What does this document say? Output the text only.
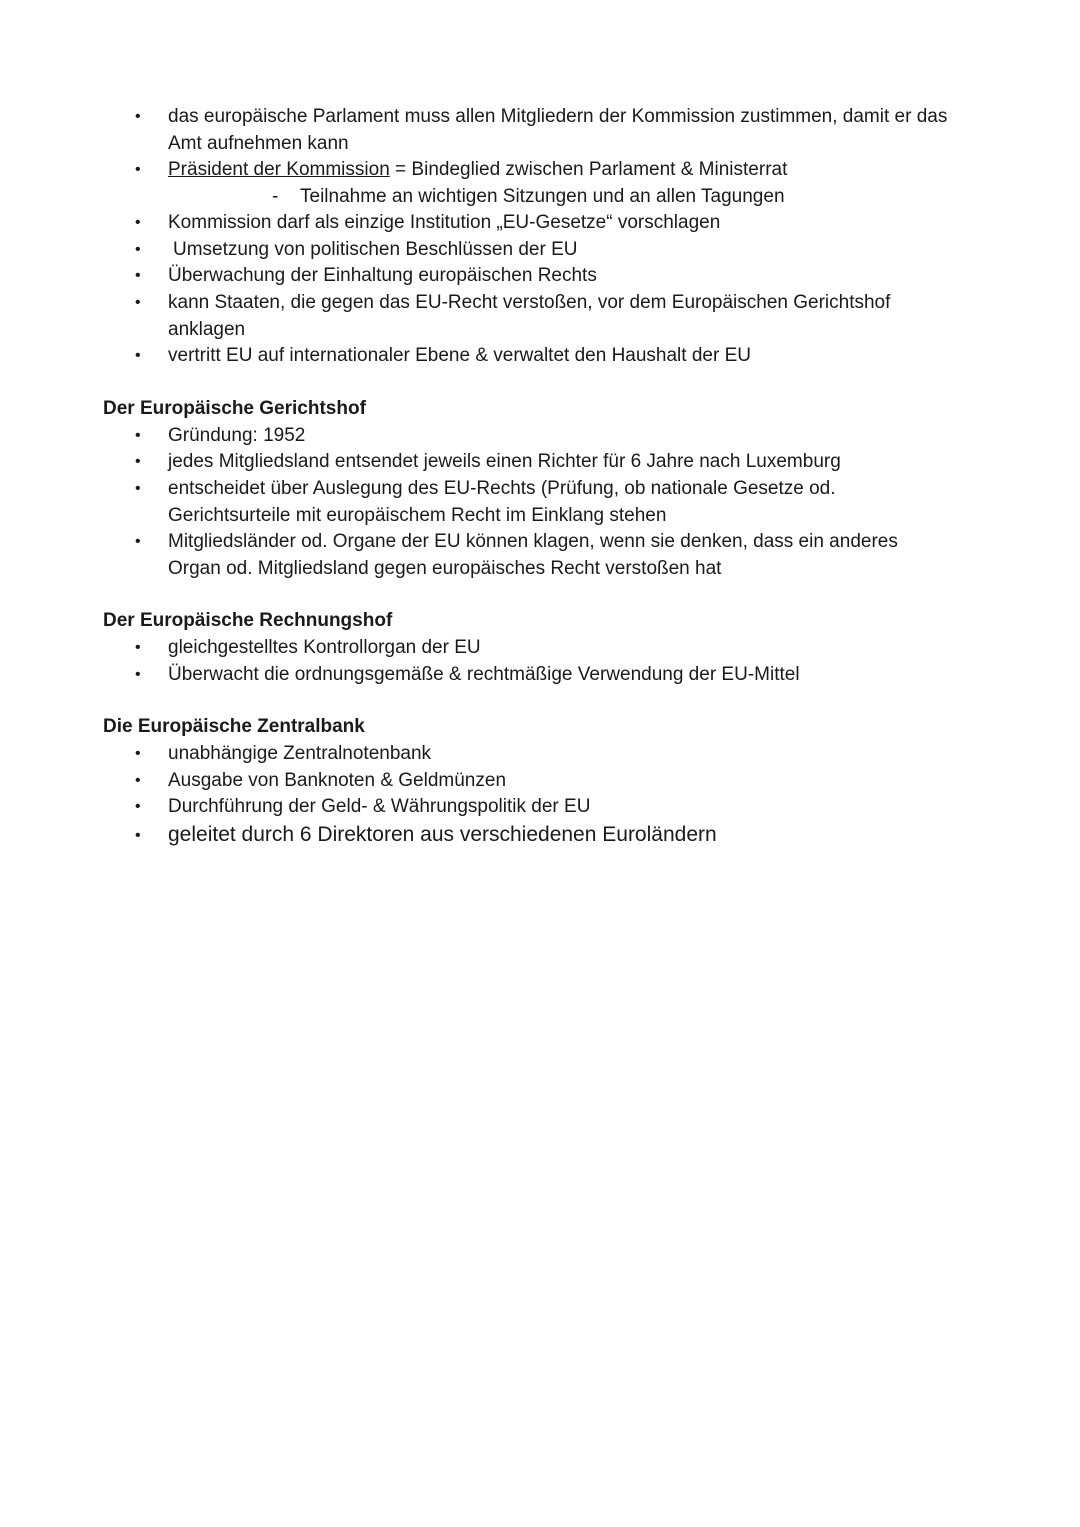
• das europäische Parlament muss allen Mitgliedern der Kommission zustimmen, damit er das Amt aufnehmen kann
• Präsident der Kommission = Bindeglied zwischen Parlament & Ministerrat
- Teilnahme an wichtigen Sitzungen und an allen Tagungen
• Kommission darf als einzige Institution „EU-Gesetze“ vorschlagen
• Umsetzung von politischen Beschlüssen der EU
• Überwachung der Einhaltung europäischen Rechts
• kann Staaten, die gegen das EU-Recht verstoßen, vor dem Europäischen Gerichtshof anklagen
• vertritt EU auf internationaler Ebene & verwaltet den Haushalt der EU
Der Europäische Gerichtshof
• Gründung: 1952
• jedes Mitgliedsland entsendet jeweils einen Richter für 6 Jahre nach Luxemburg
• entscheidet über Auslegung des EU-Rechts (Prüfung, ob nationale Gesetze od. Gerichtsurteile mit europäischem Recht im Einklang stehen
• Mitgliedsländer od. Organe der EU können klagen, wenn sie denken, dass ein anderes Organ od. Mitgliedsland gegen europäisches Recht verstoßen hat
Der Europäische Rechnungshof
• gleichgestelltes Kontrollorgan der EU
• Überwacht die ordnungsgemäße & rechtmäßige Verwendung der EU-Mittel
Die Europäische Zentralbank
• unabhängige Zentralnotenbank
• Ausgabe von Banknoten & Geldmünzen
• Durchführung der Geld- & Währungspolitik der EU
• geleitet durch 6 Direktoren aus verschiedenen Euroländern
